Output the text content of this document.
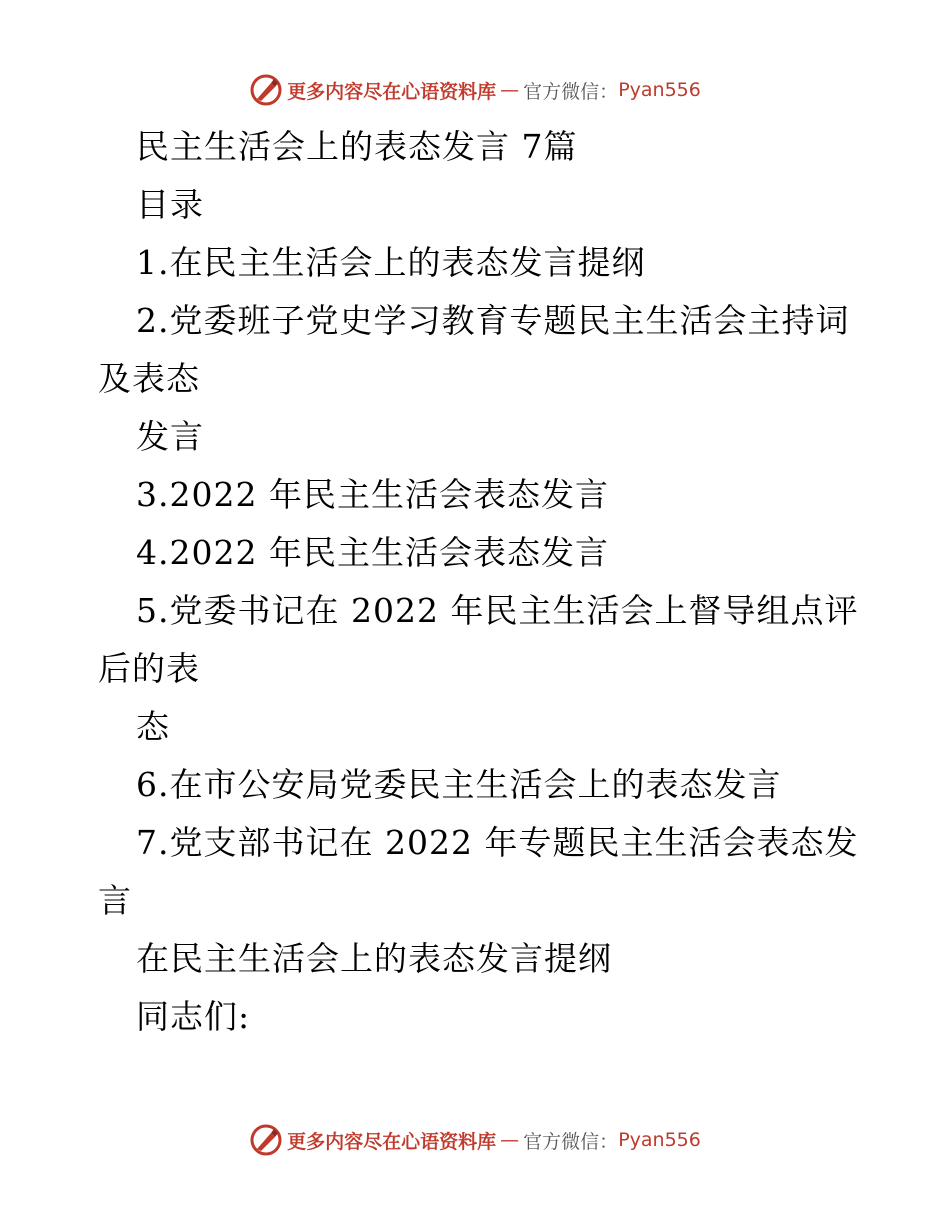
更多内容尽在心语资料库 — 官方微信： Pyan556
民主生活会上的表态发言 7篇
目录
1.在民主生活会上的表态发言提纲
2.党委班子党史学习教育专题民主生活会主持词
及表态
发言
3.2022 年民主生活会表态发言
4.2022 年民主生活会表态发言
5.党委书记在 2022 年民主生活会上督导组点评
后的表
态
6.在市公安局党委民主生活会上的表态发言
7.党支部书记在 2022 年专题民主生活会表态发
言
在民主生活会上的表态发言提纲
同志们:
更多内容尽在心语资料库 — 官方微信： Pyan556
